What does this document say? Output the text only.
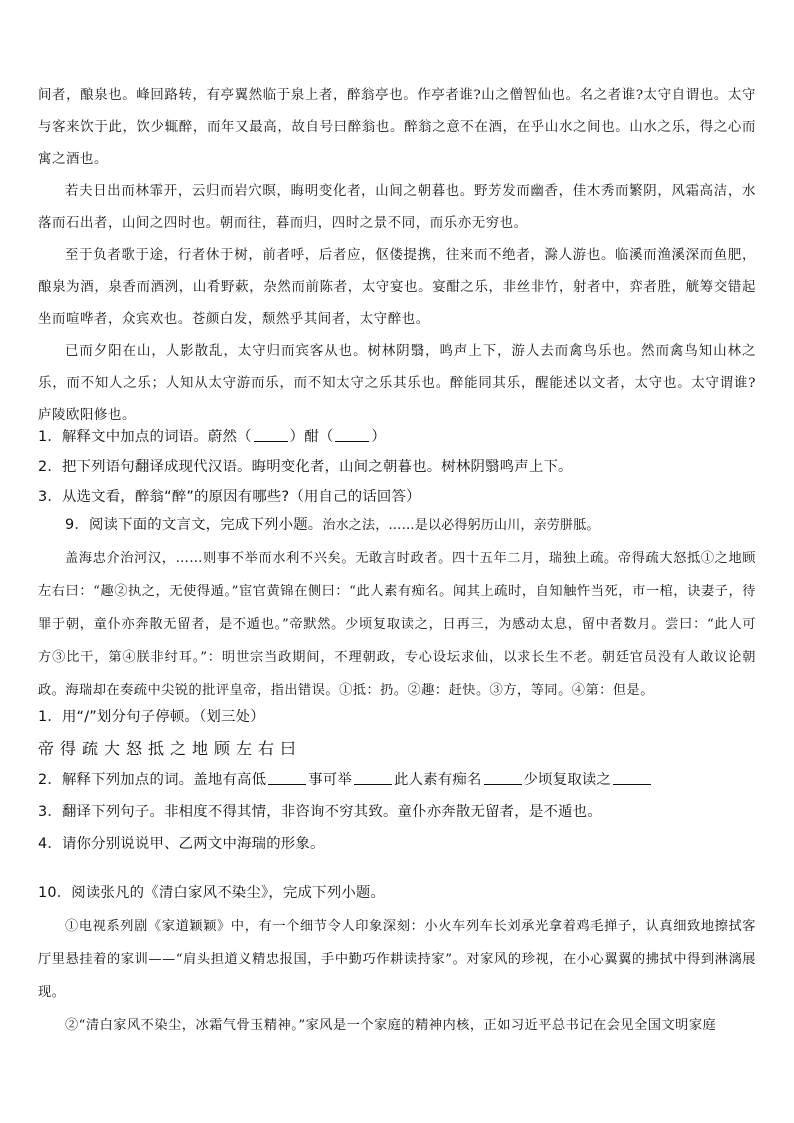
间者，酿泉也。峰回路转，有亭翼然临于泉上者，醉翁亭也。作亭者谁?山之僧智仙也。名之者谁?太守自谓也。太守与客来饮于此，饮少辄醉，而年又最高，故自号曰醉翁也。醉翁之意不在酒，在乎山水之间也。山水之乐，得之心而寓之酒也。

若夫日出而林霏开，云归而岩穴暝，晦明变化者，山间之朝暮也。野芳发而幽香，佳木秀而繁阴，风霜高洁，水落而石出者，山间之四时也。朝而往，暮而归，四时之景不同，而乐亦无穷也。

至于负者歌于途，行者休于树，前者呼，后者应，伛偻提携，往来而不绝者，滁人游也。临溪而渔溪深而鱼肥，酿泉为酒，泉香而酒洌，山肴野蔌，杂然而前陈者，太守宴也。宴酣之乐，非丝非竹，射者中，弈者胜，觥筹交错起坐而喧哗者，众宾欢也。苍颜白发，颓然乎其间者，太守醉也。

已而夕阳在山，人影散乱，太守归而宾客从也。树林阴翳，鸣声上下，游人去而禽鸟乐也。然而禽鸟知山林之乐，而不知人之乐；人知从太守游而乐，而不知太守之乐其乐也。醉能同其乐，醒能述以文者，太守也。太守谓谁?庐陵欧阳修也。

1．解释文中加点的词语。蔚然（	）酣（	）

2．把下列语句翻译成现代汉语。晦明变化者，山间之朝暮也。树林阴翳鸣声上下。

3．从选文看，醉翁“醉”的原因有哪些?（用自己的话回答）

9．阅读下面的文言文，完成下列小题。治水之法，……是以必得躬历山川，亲劳胼胝。

盖海忠介治河汉，……则事不举而水利不兴矣。无敢言时政者。四十五年二月，瑞独上疏。帝得疏大怒抵①之地顾左右曰：“趣②执之，无使得遁。”宦官黄锦在侧曰：“此人素有痴名。闻其上疏时，自知触忤当死，市一棺，诀妻子，待罪于朝，童仆亦奔散无留者，是不遁也。”帝默然。少顷复取读之，日再三，为感动太息，留中者数月。尝曰：“此人可方③比干，第④朕非纣耳。”：明世宗当政期间，不理朝政，专心设坛求仙，以求长生不老。朝廷官员没有人敢议论朝政。海瑞却在奏疏中尖锐的批评皇帝，指出错误。①抵：扔。②趣：赶快。③方，等同。④第：但是。

1．用“/”划分句子停顿。（划三处）

帝得疏大怒抵之地顾左右曰

2．解释下列加点的词。盖地有高低	事可举	此人素有痴名	少顷复取读之

3．翻译下列句子。非相度不得其情，非咨询不穷其致。童仆亦奔散无留者，是不遁也。

4．请你分别说说甲、乙两文中海瑞的形象。

10．阅读张凡的《清白家风不染尘》，完成下列小题。

①电视系列剧《家道颖颖》中，有一个细节令人印象深刻：小火车列车长刘承光拿着鸡毛掸子，认真细致地擦拭客厅里悬挂着的家训——“肩头担道义精忠报国，手中勤巧作耕读持家”。对家风的珍视，在小心翼翼的拂拭中得到淋漓展现。

②“清白家风不染尘，冰霜气骨玉精神。”家风是一个家庭的精神内核，正如习近平总书记在会见全国文明家庭
